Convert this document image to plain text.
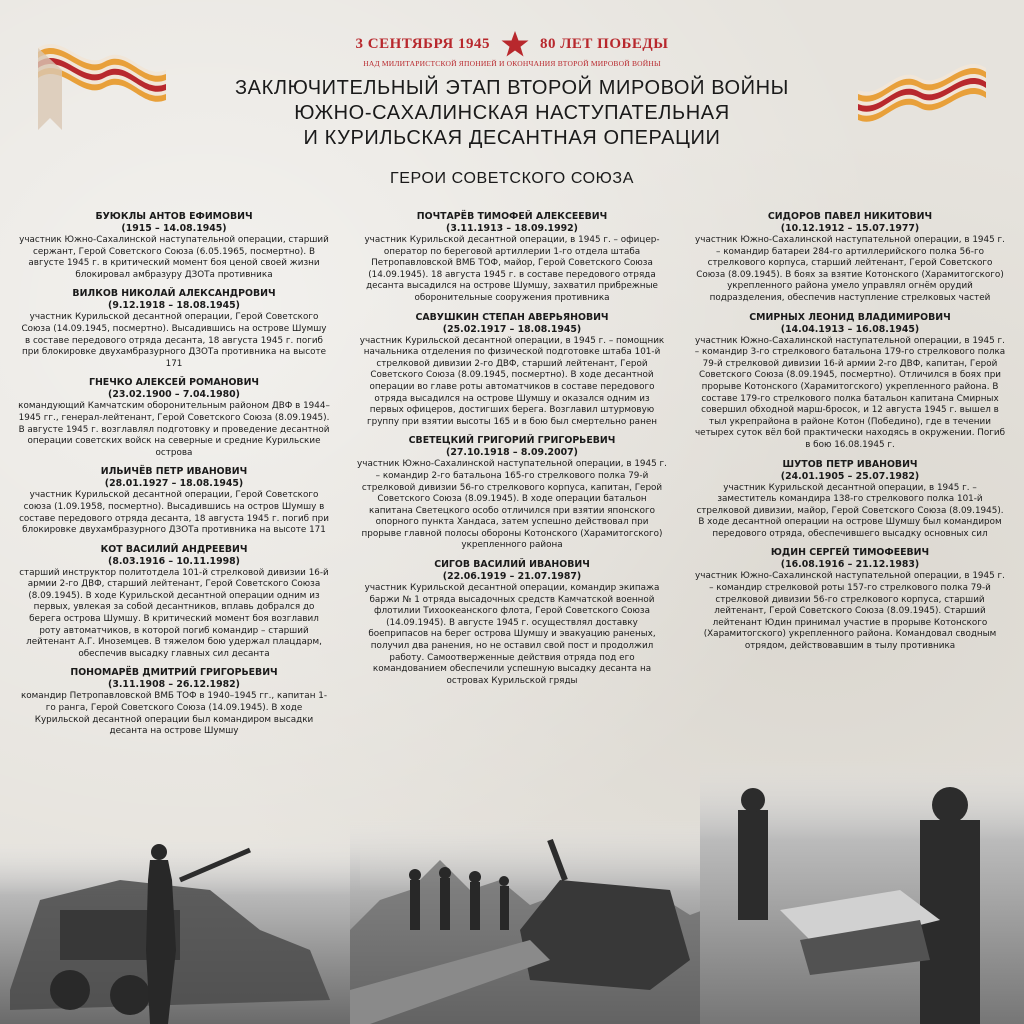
3 СЕНТЯБРЯ 1945	80 ЛЕТ ПОБЕДЫ
НАД МИЛИТАРИСТСКОЙ ЯПОНИЕЙ И ОКОНЧАНИЯ ВТОРОЙ МИРОВОЙ ВОЙНЫ
ЗАКЛЮЧИТЕЛЬНЫЙ ЭТАП ВТОРОЙ МИРОВОЙ ВОЙНЫ
ЮЖНО-САХАЛИНСКАЯ НАСТУПАТЕЛЬНАЯ
И КУРИЛЬСКАЯ ДЕСАНТНАЯ ОПЕРАЦИИ
ГЕРОИ СОВЕТСКОГО СОЮЗА
БУЮКЛЫ АНТОВ ЕФИМОВИЧ
(1915 – 14.08.1945)
участник Южно-Сахалинской наступательной операции, старший сержант, Герой Советского Союза (6.05.1965, посмертно). В августе 1945 г. в критический момент боя ценой своей жизни блокировал амбразуру ДЗОТа противника
ВИЛКОВ НИКОЛАЙ АЛЕКСАНДРОВИЧ
(9.12.1918 – 18.08.1945)
участник Курильской десантной операции, Герой Советского Союза (14.09.1945, посмертно). Высадившись на острове Шумшу в составе передового отряда десанта, 18 августа 1945 г. погиб при блокировке двухамбразурного ДЗОТа противника на высоте 171
ГНЕЧКО АЛЕКСЕЙ РОМАНОВИЧ
(23.02.1900 – 7.04.1980)
командующий Камчатским оборонительным районом ДВФ в 1944–1945 гг., генерал-лейтенант, Герой Советского Союза (8.09.1945). В августе 1945 г. возглавлял подготовку и проведение десантной операции советских войск на северные и средние Курильские острова
ИЛЬИЧЁВ ПЕТР ИВАНОВИЧ
(28.01.1927 – 18.08.1945)
участник Курильской десантной операции, Герой Советского союза (1.09.1958, посмертно). Высадившись на остров Шумшу в составе передового отряда десанта, 18 августа 1945 г. погиб при блокировке двухамбразурного ДЗОТа противника на высоте 171
КОТ ВАСИЛИЙ АНДРЕЕВИЧ
(8.03.1916 – 10.11.1998)
старший инструктор политотдела 101-й стрелковой дивизии 16-й армии 2-го ДВФ, старший лейтенант, Герой Советского Союза (8.09.1945). В ходе Курильской десантной операции одним из первых, увлекая за собой десантников, вплавь добрался до берега острова Шумшу. В критический момент боя возглавил роту автоматчиков, в которой погиб командир – старший лейтенант А.Г. Иноземцев. В тяжелом бою удержал плацдарм, обеспечив высадку главных сил десанта
ПОНОМАРЁВ ДМИТРИЙ ГРИГОРЬЕВИЧ
(3.11.1908 – 26.12.1982)
командир Петропавловской ВМБ ТОФ в 1940–1945 гг., капитан 1-го ранга, Герой Советского Союза (14.09.1945). В ходе Курильской десантной операции был командиром высадки десанта на острове Шумшу
ПОЧТАРЁВ ТИМОФЕЙ АЛЕКСЕЕВИЧ
(3.11.1913 – 18.09.1992)
участник Курильской десантной операции, в 1945 г. – офицер-оператор по береговой артиллерии 1-го отдела штаба Петропавловской ВМБ ТОФ, майор, Герой Советского Союза (14.09.1945). 18 августа 1945 г. в составе передового отряда десанта высадился на острове Шумшу, захватил прибрежные оборонительные сооружения противника
САВУШКИН СТЕПАН АВЕРЬЯНОВИЧ
(25.02.1917 – 18.08.1945)
участник Курильской десантной операции, в 1945 г. – помощник начальника отделения по физической подготовке штаба 101-й стрелковой дивизии 2-го ДВФ, старший лейтенант, Герой Советского Союза (8.09.1945, посмертно). В ходе десантной операции во главе роты автоматчиков в составе передового отряда высадился на острове Шумшу и оказался одним из первых офицеров, достигших берега. Возглавил штурмовую группу при взятии высоты 165 и в бою был смертельно ранен
СВЕТЕЦКИЙ ГРИГОРИЙ ГРИГОРЬЕВИЧ
(27.10.1918 – 8.09.2007)
участник Южно-Сахалинской наступательной операции, в 1945 г. – командир 2-го батальона 165-го стрелкового полка 79-й стрелковой дивизии 56-го стрелкового корпуса, капитан, Герой Советского Союза (8.09.1945). В ходе операции батальон капитана Светецкого особо отличился при взятии японского опорного пункта Хандаса, затем успешно действовал при прорыве главной полосы обороны Котонского (Харамитогского) укрепленного района
СИГОВ ВАСИЛИЙ ИВАНОВИЧ
(22.06.1919 – 21.07.1987)
участник Курильской десантной операции, командир экипажа баржи № 1 отряда высадочных средств Камчатской военной флотилии Тихоокеанского флота, Герой Советского Союза (14.09.1945). В августе 1945 г. осуществлял доставку боеприпасов на берег острова Шумшу и эвакуацию раненых, получил два ранения, но не оставил свой пост и продолжил работу. Самоотверженные действия отряда под его командованием обеспечили успешную высадку десанта на островах Курильской гряды
СИДОРОВ ПАВЕЛ НИКИТОВИЧ
(10.12.1912 – 15.07.1977)
участник Южно-Сахалинской наступательной операции, в 1945 г. – командир батареи 284-го артиллерийского полка 56-го стрелкового корпуса, старший лейтенант, Герой Советского Союза (8.09.1945). В боях за взятие Котонского (Харамитогского) укрепленного района умело управлял огнём орудий подразделения, обеспечив наступление стрелковых частей
СМИРНЫХ ЛЕОНИД ВЛАДИМИРОВИЧ
(14.04.1913 – 16.08.1945)
участник Южно-Сахалинской наступательной операции, в 1945 г. – командир 3-го стрелкового батальона 179-го стрелкового полка 79-й стрелковой дивизии 16-й армии 2-го ДВФ, капитан, Герой Советского Союза (8.09.1945, посмертно). Отличился в боях при прорыве Котонского (Харамитогского) укрепленного района. В составе 179-го стрелкового полка батальон капитана Смирных совершил обходной марш-бросок, и 12 августа 1945 г. вышел в тыл укрепрайона в районе Котон (Победино), где в течении четырех суток вёл бой практически находясь в окружении. Погиб в бою 16.08.1945 г.
ШУТОВ ПЕТР ИВАНОВИЧ
(24.01.1905 – 25.07.1982)
участник Курильской десантной операции, в 1945 г. – заместитель командира 138-го стрелкового полка 101-й стрелковой дивизии, майор, Герой Советского Союза (8.09.1945). В ходе десантной операции на острове Шумшу был командиром передового отряда, обеспечившего высадку основных сил
ЮДИН СЕРГЕЙ ТИМОФЕЕВИЧ
(16.08.1916 – 21.12.1983)
участник Южно-Сахалинской наступательной операции, в 1945 г. – командир стрелковой роты 157-го стрелкового полка 79-й стрелковой дивизии 56-го стрелкового корпуса, старший лейтенант, Герой Советского Союза (8.09.1945). Старший лейтенант Юдин принимал участие в прорыве Котонского (Харамитогского) укрепленного района. Командовал сводным отрядом, действовавшим в тылу противника
